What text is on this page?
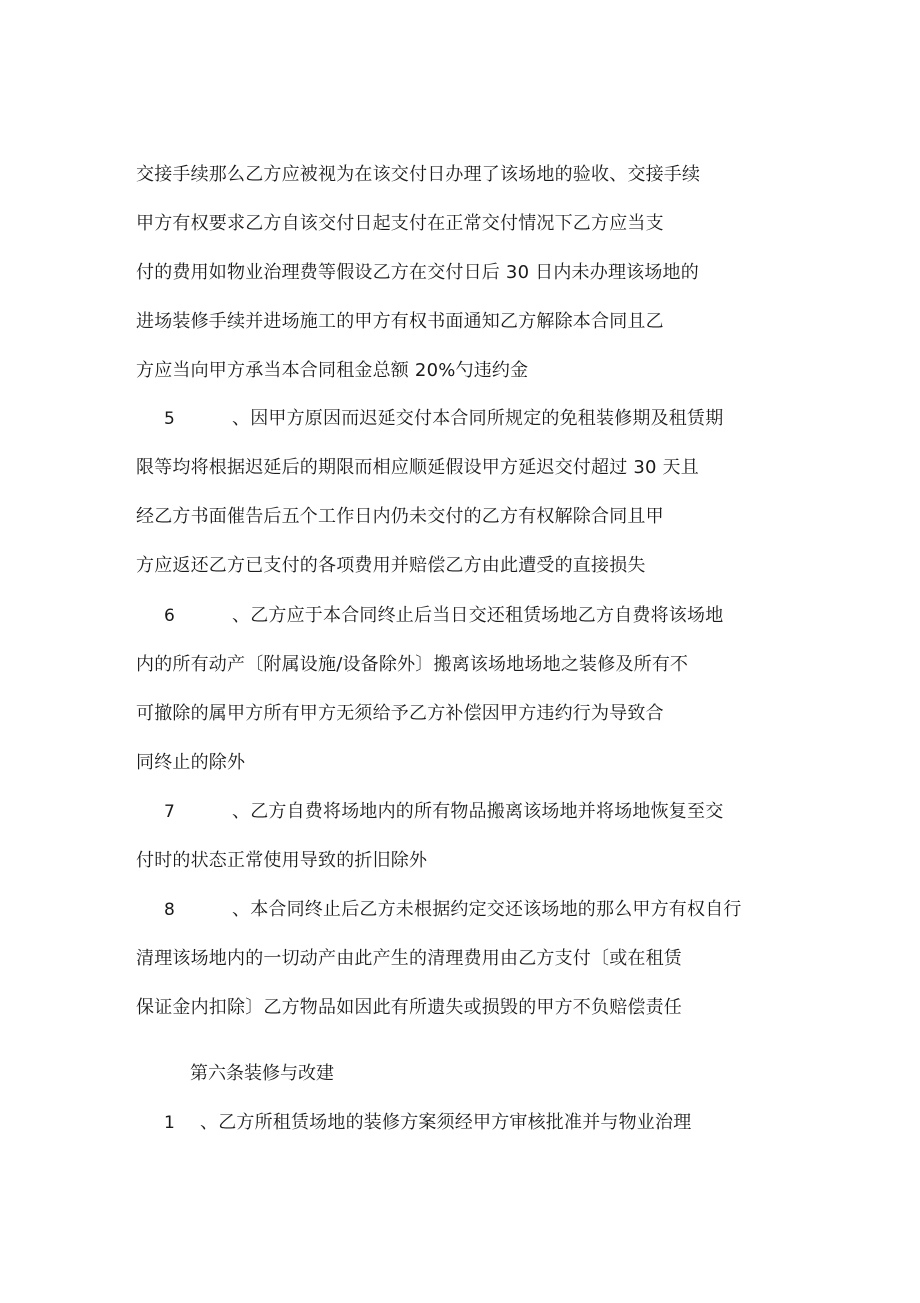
交接手续那么乙方应被视为在该交付日办理了该场地的验收、交接手续
甲方有权要求乙方自该交付日起支付在正常交付情况下乙方应当支
付的费用如物业治理费等假设乙方在交付日后 30 日内未办理该场地的
进场装修手续并进场施工的甲方有权书面通知乙方解除本合同且乙
方应当向甲方承当本合同租金总额 20%勺违约金
5	、因甲方原因而迟延交付本合同所规定的免租装修期及租赁期
限等均将根据迟延后的期限而相应顺延假设甲方延迟交付超过 30 天且
经乙方书面催告后五个工作日内仍未交付的乙方有权解除合同且甲
方应返还乙方已支付的各项费用并赔偿乙方由此遭受的直接损失
6	、乙方应于本合同终止后当日交还租赁场地乙方自费将该场地
内的所有动产〔附属设施/设备除外〕搬离该场地场地之装修及所有不
可撤除的属甲方所有甲方无须给予乙方补偿因甲方违约行为导致合
同终止的除外
7	、乙方自费将场地内的所有物品搬离该场地并将场地恢复至交
付时的状态正常使用导致的折旧除外
8	、本合同终止后乙方未根据约定交还该场地的那么甲方有权自行
清理该场地内的一切动产由此产生的清理费用由乙方支付〔或在租赁
保证金内扣除〕乙方物品如因此有所遗失或损毁的甲方不负赔偿责任
第六条装修与改建
1 、乙方所租赁场地的装修方案须经甲方审核批准并与物业治理
